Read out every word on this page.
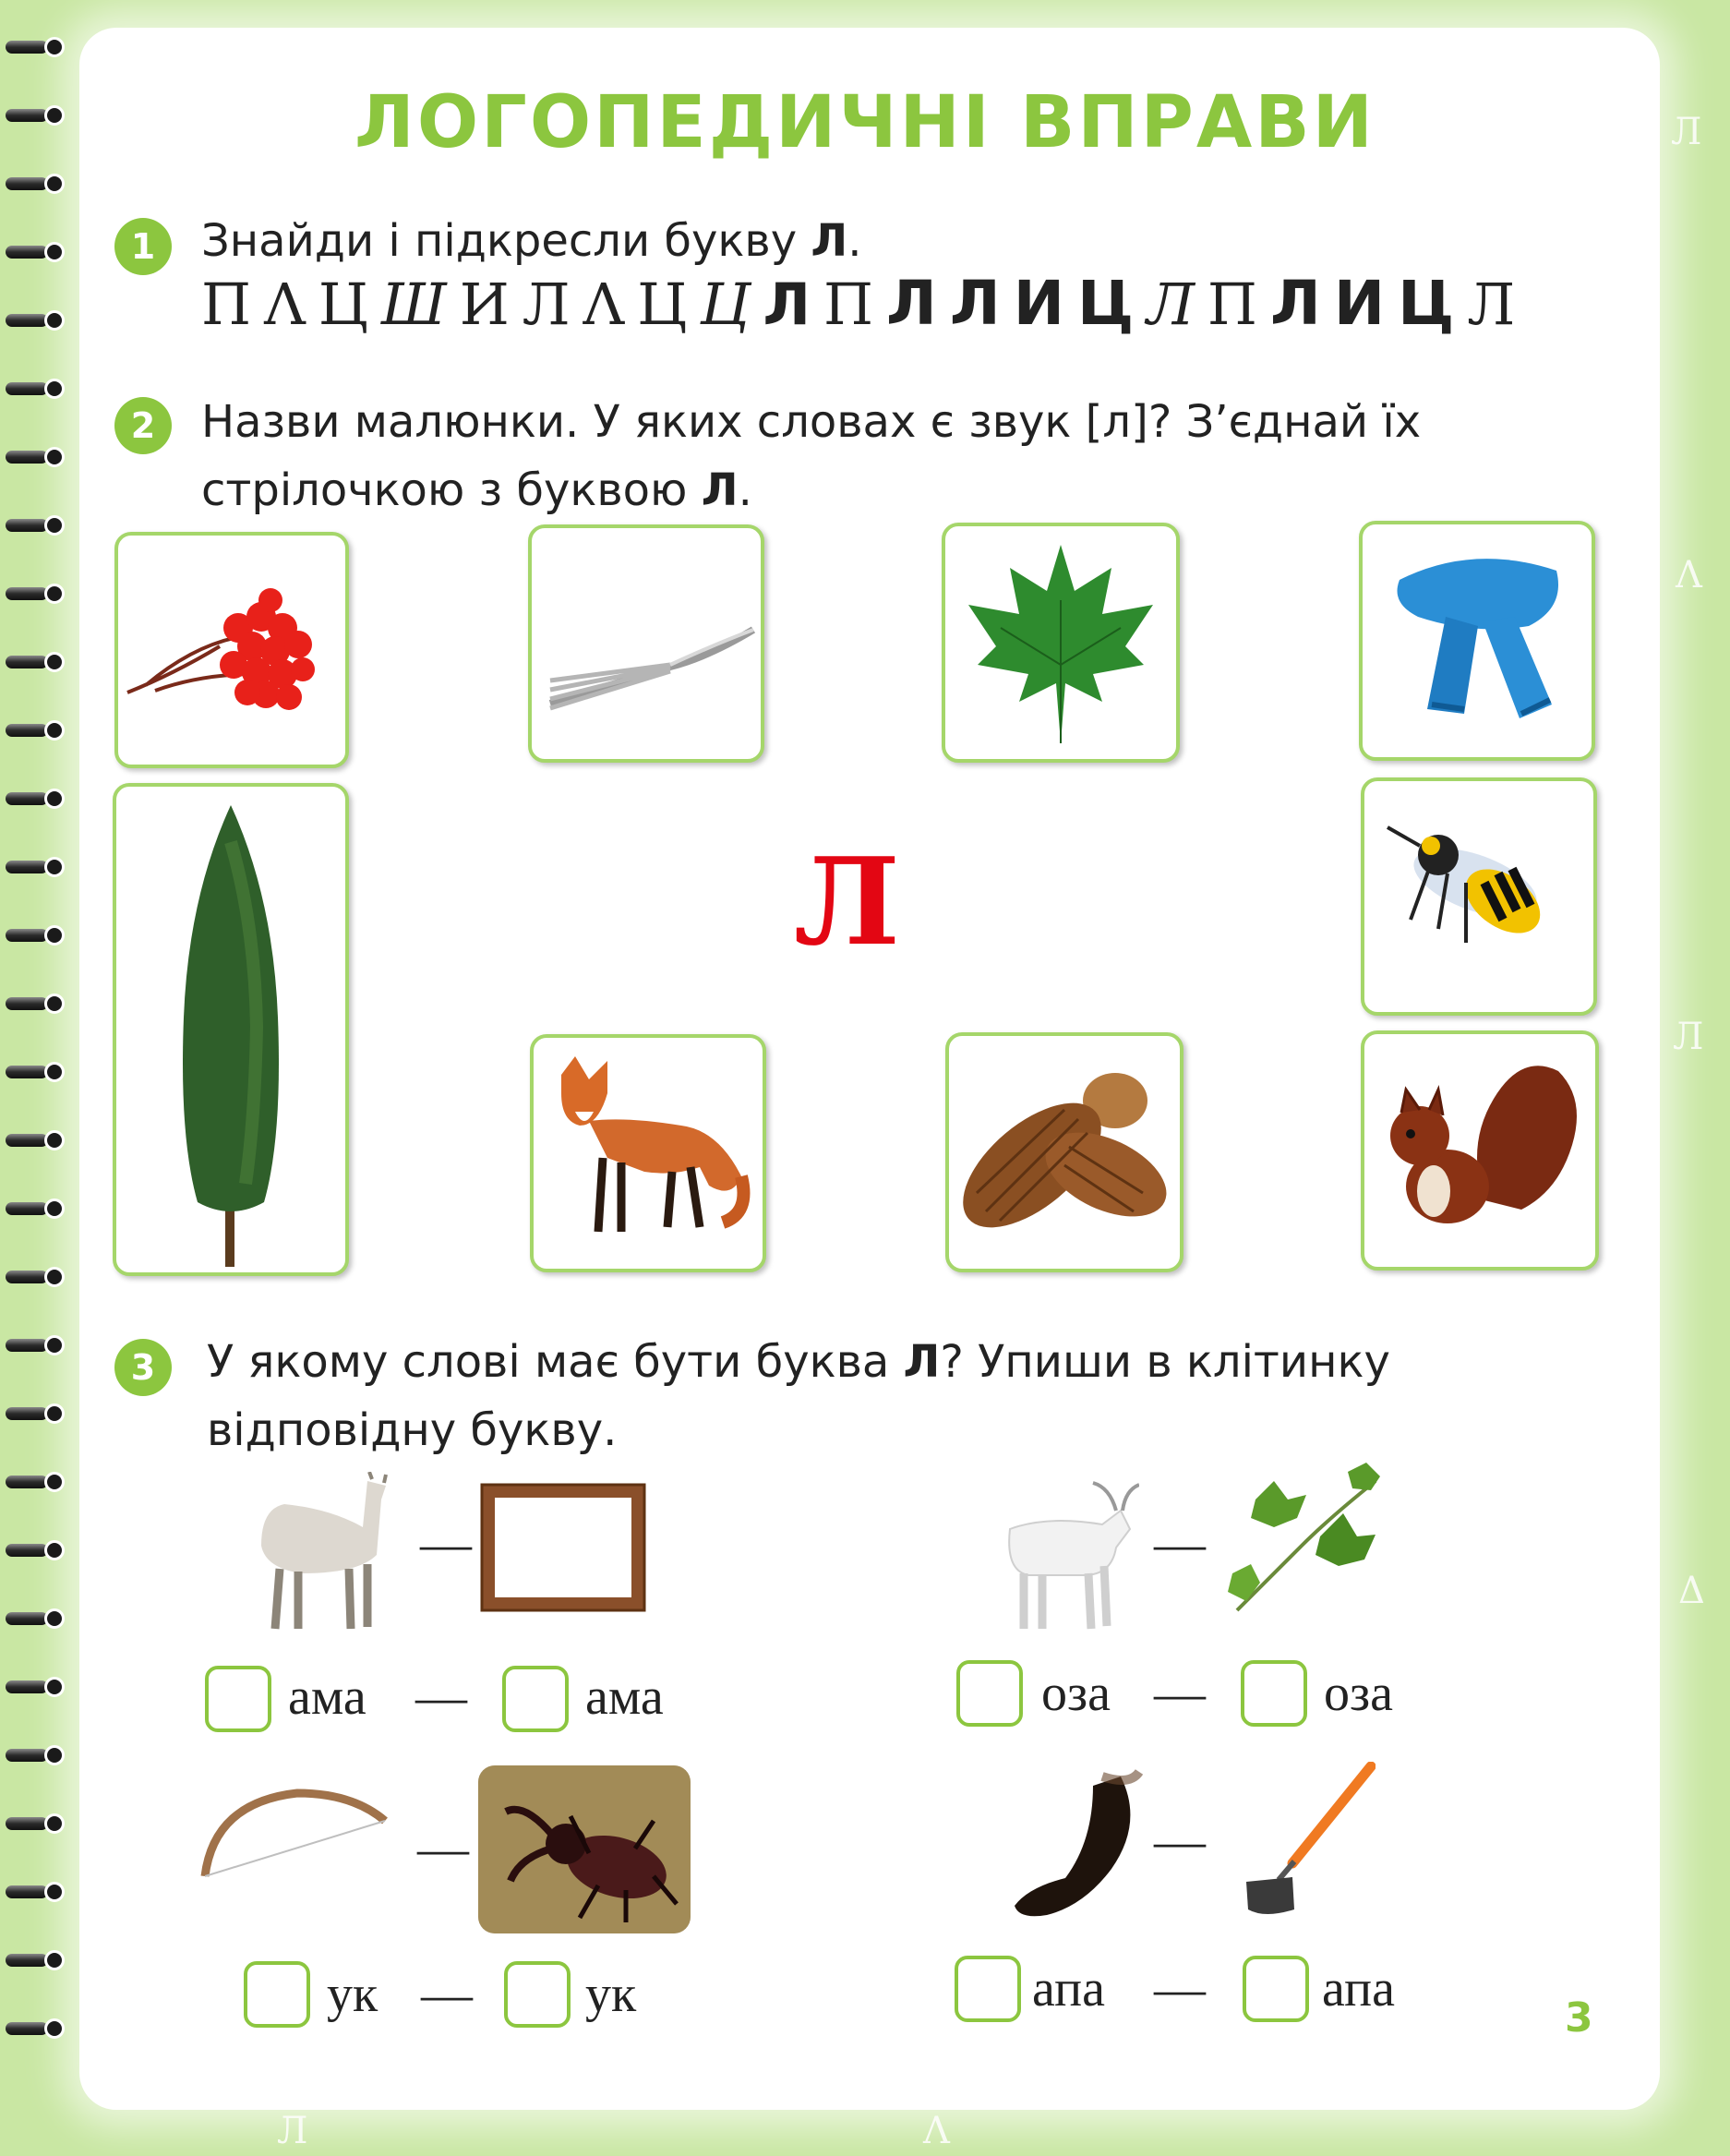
Л
Λ
Л
Δ
Л	Λ
ЛОГОПЕДИЧНІ ВПРАВИ
1	Знайди і підкресли букву Л.

П Λ Ц Ш И Л Λ Ц Ц Л П Л Л И Ц Л П Л И Ц Л
2	Назви малюнки. У яких словах є звук [л]? З’єднай їх

стрілочкою з буквою Л.

Л
3	У якому слові має бути буква Л? Упиши в клітинку

відповідну букву.

—
ама — ама
—
оза — оза
—
ук — ук
—
апа — апа
3
